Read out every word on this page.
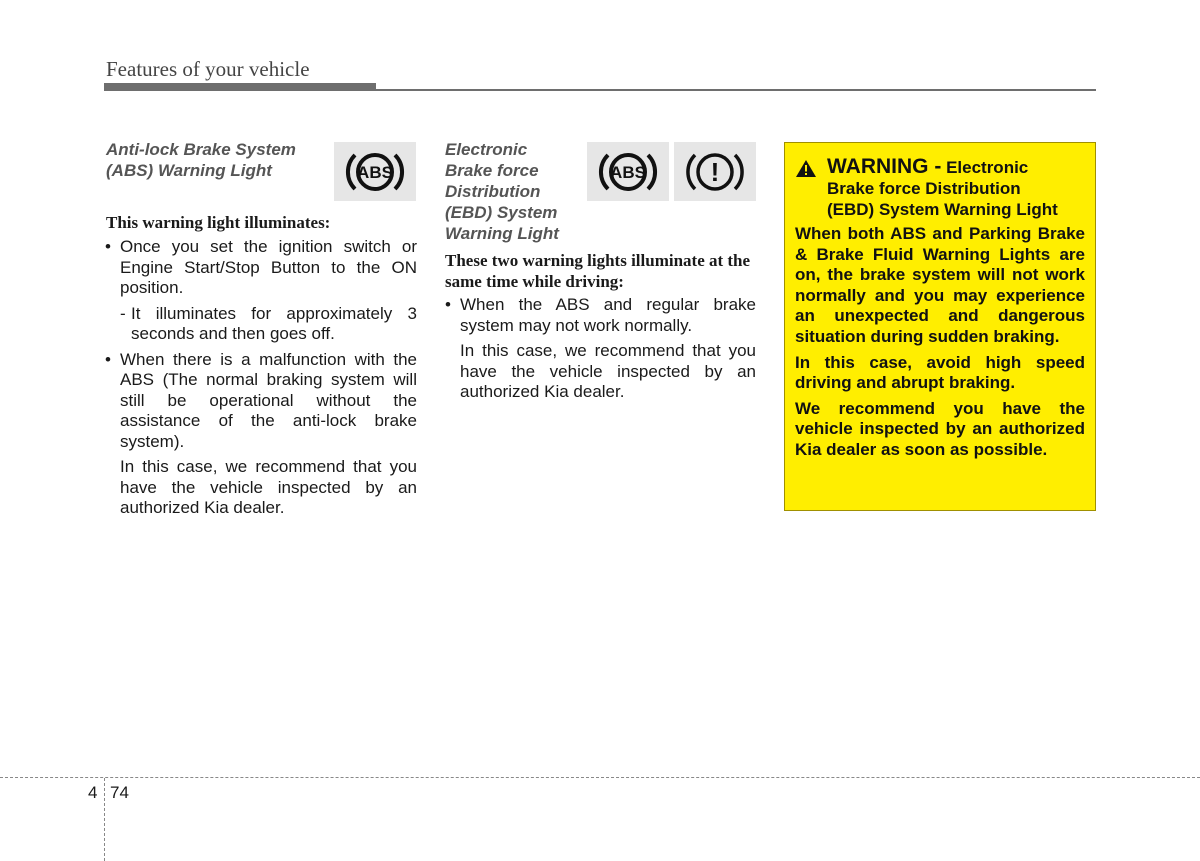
Features of your vehicle
Anti-lock Brake System
(ABS) Warning Light	ABS
This warning light illuminates:
• Once you set the ignition switch or Engine Start/Stop Button to the ON position.
- It illuminates for approximately 3 seconds and then goes off.
• When there is a malfunction with the ABS (The normal braking system will still be operational without the assistance of the anti-lock brake system).
In this case, we recommend that you have the vehicle inspected by an authorized Kia dealer.
Electronic
Brake force
Distribution
(EBD) System
Warning Light
ABS !
These two warning lights illuminate at the same time while driving:
• When the ABS and regular brake system may not work normally.
In this case, we recommend that you have the vehicle inspected by an authorized Kia dealer.
WARNING - Electronic
Brake force Distribution
(EBD) System Warning Light
When both ABS and Parking Brake & Brake Fluid Warning Lights are on, the brake system will not work normally and you may experience an unexpected and dangerous situation during sudden braking.
In this case, avoid high speed driving and abrupt braking.
We recommend you have the vehicle inspected by an authorized Kia dealer as soon as possible.
4 74
